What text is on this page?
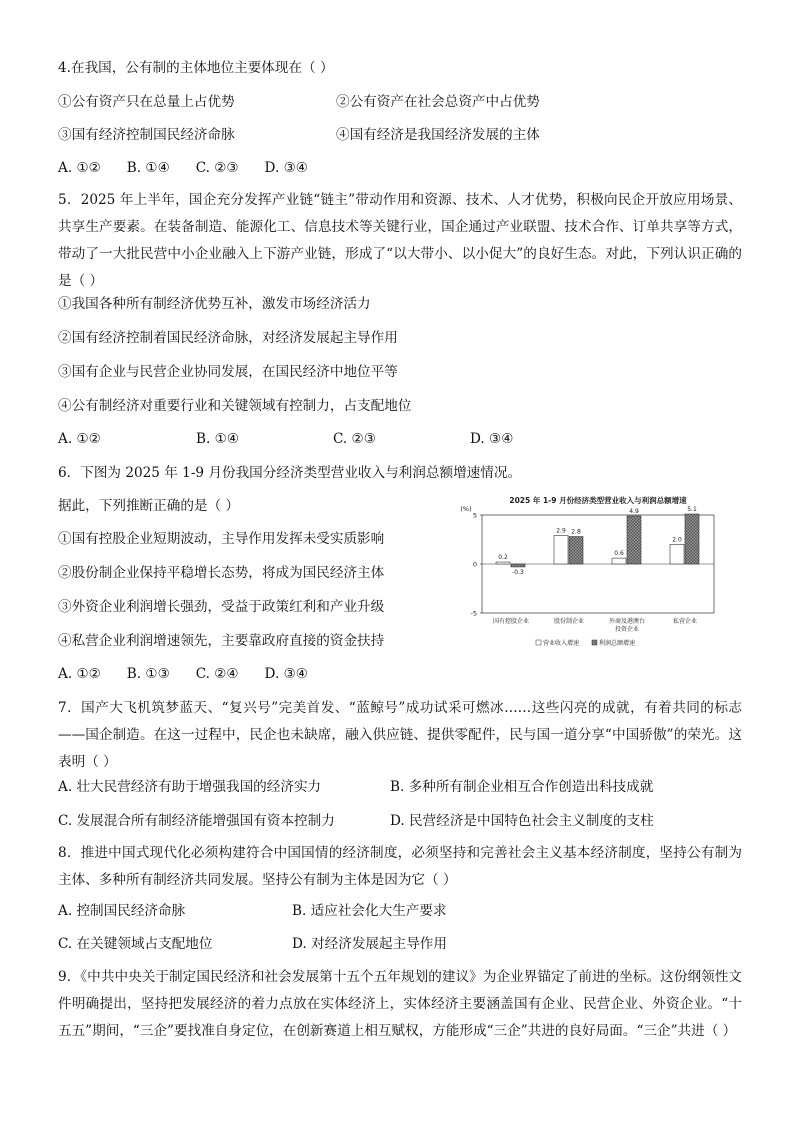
4.在我国，公有制的主体地位主要体现在（ ）
①公有资产只在总量上占优势	②公有资产在社会总资产中占优势
③国有经济控制国民经济命脉	④国有经济是我国经济发展的主体
A. ①②      B. ①④      C. ②③      D. ③④
5．2025 年上半年，国企充分发挥产业链“链主”带动作用和资源、技术、人才优势，积极向民企开放应用场景、共享生产要素。在装备制造、能源化工、信息技术等关键行业，国企通过产业联盟、技术合作、订单共享等方式，带动了一大批民营中小企业融入上下游产业链，形成了“以大带小、以小促大”的良好生态。对此，下列认识正确的是（ ）
①我国各种所有制经济优势互补，激发市场经济活力
②国有经济控制着国民经济命脉，对经济发展起主导作用
③国有企业与民营企业协同发展，在国民经济中地位平等
④公有制经济对重要行业和关键领域有控制力，占支配地位
A. ①②	B. ①④	C. ②③	D. ③④
6．下图为 2025 年 1-9 月份我国分经济类型营业收入与利润总额增速情况。
据此，下列推断正确的是（ ）
①国有控股企业短期波动，主导作用发挥未受实质影响
②股份制企业保持平稳增长态势，将成为国民经济主体
③外资企业利润增长强劲，受益于政策红利和产业升级
④私营企业利润增速领先，主要靠政府直接的资金扶持
A. ①②      B. ①③      C. ②④      D. ③④
2025 年 1-9 月份经济类型营业收入与利润总额增速
(%)
5
0
-5
0.2
-0.3
国有控股企业
2.9 2.8
股份制企业
0.6
4.9
外商及港澳台
投资企业
2.0
5.1
私营企业
营业收入增速	利润总额增速
7．国产大飞机筑梦蓝天、“复兴号”完美首发、“蓝鲸号”成功试采可燃冰……这些闪亮的成就，有着共同的标志——国企制造。在这一过程中，民企也未缺席，融入供应链、提供零配件，民与国一道分享“中国骄傲”的荣光。这表明（ ）
A. 壮大民营经济有助于增强我国的经济实力	B. 多种所有制企业相互合作创造出科技成就
C. 发展混合所有制经济能增强国有资本控制力	D. 民营经济是中国特色社会主义制度的支柱
8．推进中国式现代化必须构建符合中国国情的经济制度，必须坚持和完善社会主义基本经济制度，坚持公有制为主体、多种所有制经济共同发展。坚持公有制为主体是因为它（ ）
A. 控制国民经济命脉	B. 适应社会化大生产要求
C. 在关键领域占支配地位	D. 对经济发展起主导作用
9．《中共中央关于制定国民经济和社会发展第十五个五年规划的建议》为企业界锚定了前进的坐标。这份纲领性文件明确提出，坚持把发展经济的着力点放在实体经济上，实体经济主要涵盖国有企业、民营企业、外资企业。“十五五”期间，“三企”要找准自身定位，在创新赛道上相互赋权，方能形成“三企”共进的良好局面。“三企”共进（ ）
